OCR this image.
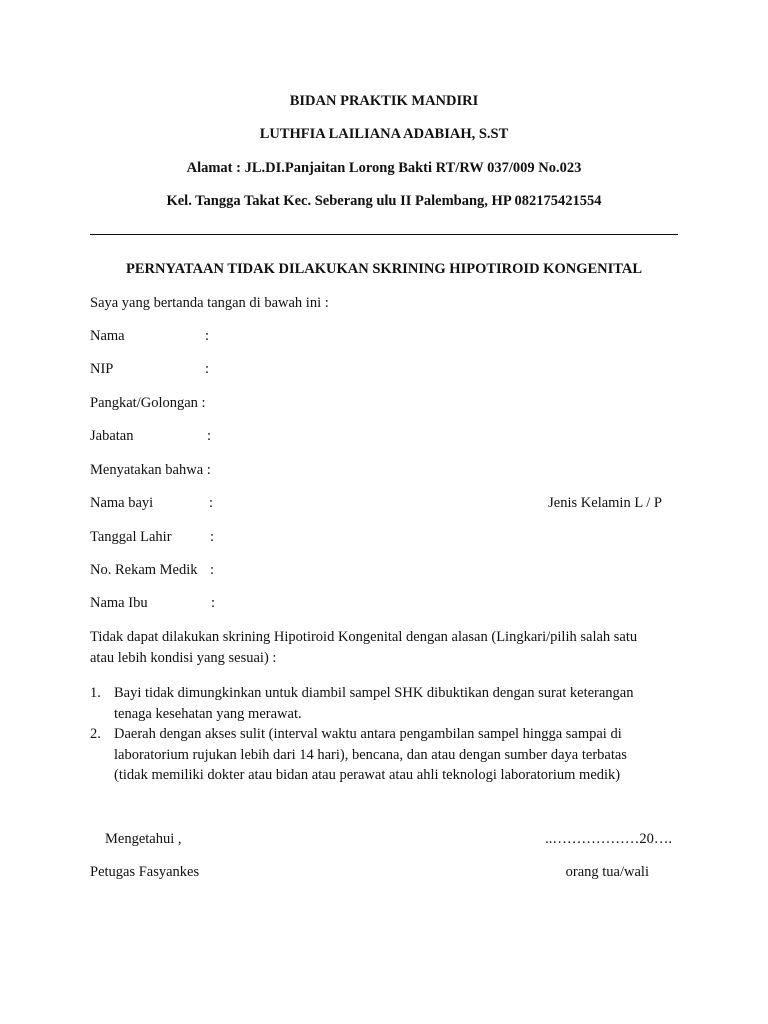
BIDAN PRAKTIK MANDIRI
LUTHFIA LAILIANA ADABIAH, S.ST
Alamat : JL.DI.Panjaitan Lorong Bakti RT/RW 037/009 No.023
Kel. Tangga Takat Kec. Seberang ulu II Palembang, HP 082175421554
PERNYATAAN TIDAK DILAKUKAN SKRINING HIPOTIROID KONGENITAL
Saya yang bertanda tangan di bawah ini :
Nama	:
NIP	:
Pangkat/Golongan :
Jabatan	:
Menyatakan bahwa :
Nama bayi	:	Jenis Kelamin L / P
Tanggal Lahir	:
No. Rekam Medik :
Nama Ibu	:
Tidak dapat dilakukan skrining Hipotiroid Kongenital dengan alasan (Lingkari/pilih salah satu
atau lebih kondisi yang sesuai) :
1. Bayi tidak dimungkinkan untuk diambil sampel SHK dibuktikan dengan surat keterangan
tenaga kesehatan yang merawat.
2. Daerah dengan akses sulit (interval waktu antara pengambilan sampel hingga sampai di
laboratorium rujukan lebih dari 14 hari), bencana, dan atau dengan sumber daya terbatas
(tidak memiliki dokter atau bidan atau perawat atau ahli teknologi laboratorium medik)
Mengetahui ,	..………………20….
Petugas Fasyankes	orang tua/wali
